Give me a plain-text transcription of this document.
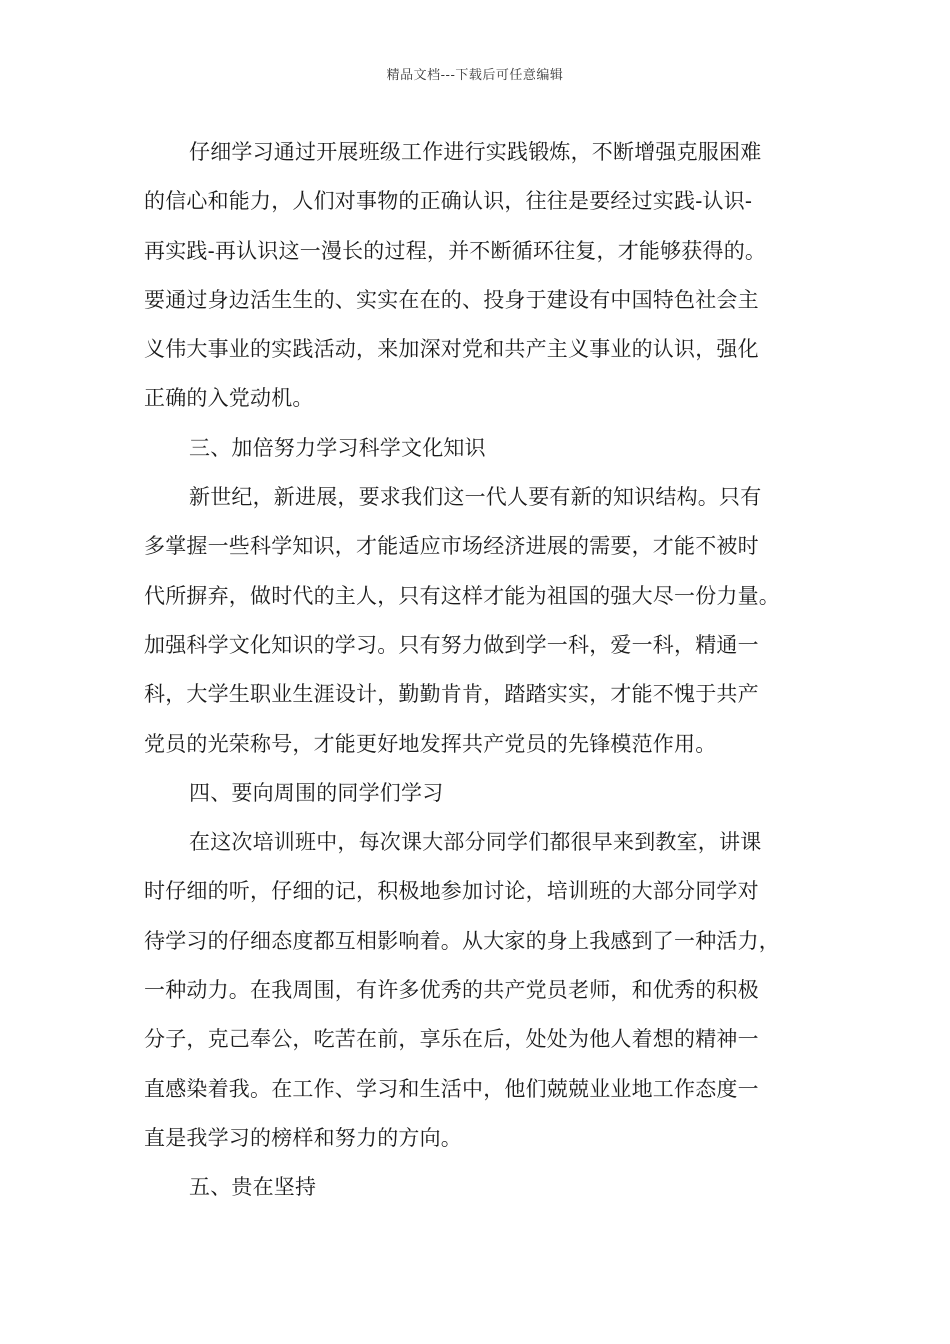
精品文档---下载后可任意编辑
仔细学习通过开展班级工作进行实践锻炼，不断增强克服困难
的信心和能力，人们对事物的正确认识，往往是要经过实践-认识-
再实践-再认识这一漫长的过程，并不断循环往复，才能够获得的。
要通过身边活生生的、实实在在的、投身于建设有中国特色社会主
义伟大事业的实践活动，来加深对党和共产主义事业的认识，强化
正确的入党动机。
三、加倍努力学习科学文化知识
新世纪，新进展，要求我们这一代人要有新的知识结构。只有
多掌握一些科学知识，才能适应市场经济进展的需要，才能不被时
代所摒弃，做时代的主人，只有这样才能为祖国的强大尽一份力量。
加强科学文化知识的学习。只有努力做到学一科，爱一科，精通一
科，大学生职业生涯设计，勤勤肯肯，踏踏实实，才能不愧于共产
党员的光荣称号，才能更好地发挥共产党员的先锋模范作用。
四、要向周围的同学们学习
在这次培训班中，每次课大部分同学们都很早来到教室，讲课
时仔细的听，仔细的记，积极地参加讨论，培训班的大部分同学对
待学习的仔细态度都互相影响着。从大家的身上我感到了一种活力，
一种动力。在我周围，有许多优秀的共产党员老师，和优秀的积极
分子，克己奉公，吃苦在前，享乐在后，处处为他人着想的精神一
直感染着我。在工作、学习和生活中，他们兢兢业业地工作态度一
直是我学习的榜样和努力的方向。
五、贵在坚持
